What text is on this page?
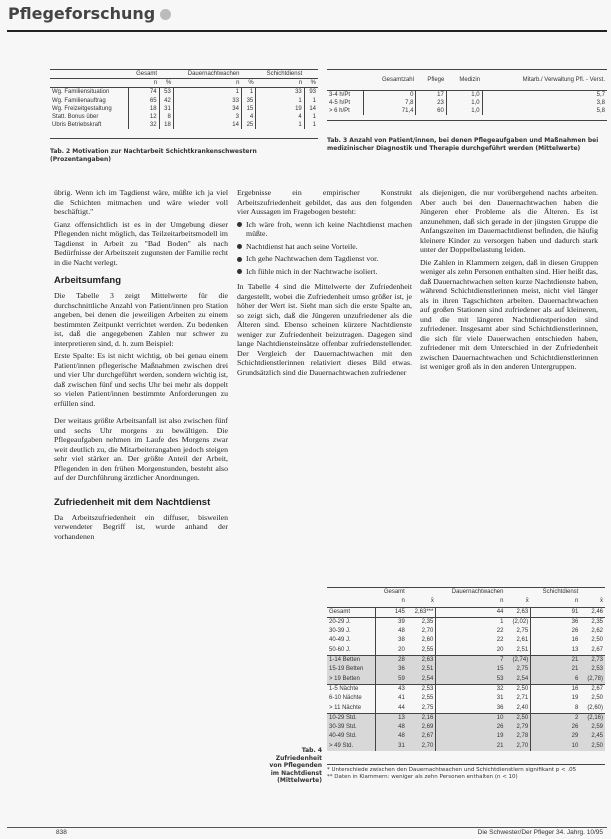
Pflegeforschung
	Gesamt		Dauernachtwachen		Schichtdienst	
	n	%	n	%	n	%
Wg. Familiensituation	74	53	1	1	33	93
Wg. Familienauftrag	65	42	33	35	1	1
Wg. Freizeitgestaltung	18	31	34	15	19	14
Statt. Bonus über	12	8	3	4	4	1
Übris Betriebskraft	32	18	14	25	1	1
Tab. 2 Motivation zur Nachtarbeit Schichtkrankenschwestern (Prozentangaben)
	Gesamtzahl	Pflege	Medizin	Mitarb./ Verwaltung Pfl. - Verst.
3-4 h/Pt	0	17	1,0	5,7
4-5 h/Pt	7,8	23	1,0	3,8
> 6 h/Pt	71,4	60	1,0	5,8
Tab. 3 Anzahl von Patient/innen, bei denen Pflegeaufgaben und Maßnahmen bei medizinischer Diagnostik und Therapie durchgeführt werden (Mittelwerte)

übrig. Wenn ich im Tagdienst wäre, müßte ich ja viel die Schichten mitmachen und wäre wieder voll beschäftigt."

Ganz offensichtlich ist es in der Umgebung dieser Pflegenden nicht möglich, das Teilzeitarbeitsmodell im Tagdienst in Arbeit zu "Bad Boden" als nach Bedürfnisse der Arbeitszeit zugunsten der Familie recht in die Nacht verlegt.

Arbeitsumfang

Die Tabelle 3 zeigt Mittelwerte für die durchschnittliche Anzahl von Patient/innen pro Station angeben, bei denen die jeweiligen Arbeiten zu einem bestimmten Zeitpunkt verrichtet werden. Zu bedenken ist, daß die angegebenen Zahlen nur schwer zu interpretieren sind, d. h. zum Beispiel:

Erste Spalte: Es ist nicht wichtig, ob bei genau einem Patient/innen pflegerische Maßnahmen zwischen drei und vier Uhr durchgeführt werden, sondern wichtig ist, daß zwischen fünf und sechs Uhr bei mehr als doppelt so vielen Patient/innen bestimmte Anforderungen zu erfüllen sind.

Der weitaus größte Arbeitsanfall ist also zwischen fünf und sechs Uhr morgens zu bewältigen. Die Pflegeaufgaben nehmen im Laufe des Morgens zwar weit deutlich zu, die Mitarbeiterangaben jedoch steigen sehr viel stärker an. Der größte Anteil der Arbeit, Pflegenden in den frühen Morgenstunden, besteht also auf der Durchführung ärztlicher Anordnungen.

Zufriedenheit mit dem Nachtdienst

Da Arbeitszufriedenheit ein diffuser, bisweilen verwendeter Begriff ist, wurde anhand der vorhandenen

Ergebnisse ein empirischer Konstrukt Arbeitszufriedenheit gebildet, das aus den folgenden vier Aussagen im Fragebogen besteht:

Ich wäre froh, wenn ich keine Nachtdienst machen müßte.

Nachtdienst hat auch seine Vorteile.

Ich gehe Nachtwachen dem Tagdienst vor.

Ich fühle mich in der Nachtwache isoliert.

In Tabelle 4 sind die Mittelwerte der Zufriedenheit dargestellt, wobei die Zufriedenheit umso größer ist, je höher der Wert ist. Sieht man sich die erste Spalte an, so zeigt sich, daß die Jüngeren unzufriedener als die Älteren sind. Ebenso scheinen kürzere Nachtdienste weniger zur Zufriedenheit beizutragen. Dagegen sind lange Nachtdiensteinsätze offenbar zufriedenstellender. Der Vergleich der Dauernachtwachen mit den Schichtdienstlerinnen relativiert dieses Bild etwas. Grundsätzlich sind die Dauernachtwachen zufriedener

als diejenigen, die nur vorübergehend nachts arbeiten. Aber auch bei den Dauernachtwachen haben die Jüngeren eher Probleme als die Älteren. Es ist anzunehmen, daß sich gerade in der jüngsten Gruppe die Anfangszeiten im Dauernachtdienst befinden, die häufig kleinere Kinder zu versorgen haben und dadurch stark unter der Doppelbelastung leiden.

Die Zahlen in Klammern zeigen, daß in diesen Gruppen weniger als zehn Personen enthalten sind. Hier heißt das, daß Dauernachtwachen selten kurze Nachtdienste haben, während Schichtdienstlerinnen meist, nicht viel länger als in ihren Tagschichten arbeiten. Dauernachtwachen auf großen Stationen sind zufriedener als auf kleineren, und die mit längeren Nachtdienstperioden sind zufriedener. Insgesamt aber sind Schichtdienstlerinnen, die sich für viele Dauerwachen entschieden haben, zufriedener mit dem Unterschied in der Zufriedenheit zwischen Dauernachtwachen und Schichtdienstlerinnen ist weniger groß als in den anderen Untergruppen.

	Gesamt		Dauernachtwachen		Schichtdienst	
	n	x̄	n	x̄	n	x̄
Gesamt	145	2,63***	44	2,63	91	2,46
20-29 J.	39	2,35	1	(2,02)	36	2,35
30-39 J.	48	2,70	22	2,75	26	2,62
40-49 J.	38	2,60	22	2,61	16	2,50
50-60 J.	20	2,55	20	2,51	13	2,67
1-14 Betten	28	2,63	7	(2,74)	21	2,73
15-19 Betten	36	2,51	15	2,75	21	2,53
> 19 Betten	59	2,54	53	2,54	6	(2,78)
1-5 Nächte	43	2,53	32	2,50	16	2,67
6-10 Nächte	41	2,55	31	2,71	19	2,50
> 11 Nächte	44	2,75	36	2,40	8	(2,60)
10-29 Std.	13	2,16	10	2,50	2	(2,16)
30-39 Std.	48	2,69	26	2,79	26	2,59
40-49 Std.	48	2,67	19	2,78	29	2,45
> 49 Std.	31	2,70	21	2,70	10	2,50
* Unterschiede zwischen den Dauernachtwachen und Schichtdienstlern signifikant p < .05
** Daten in Klammern: weniger als zehn Personen enthalten (n < 10)
Tab. 4 Zufriedenheit von Pflegenden im Nachtdienst (Mittelwerte)
838	Die Schwester/Der Pfleger 34. Jahrg. 10/95
